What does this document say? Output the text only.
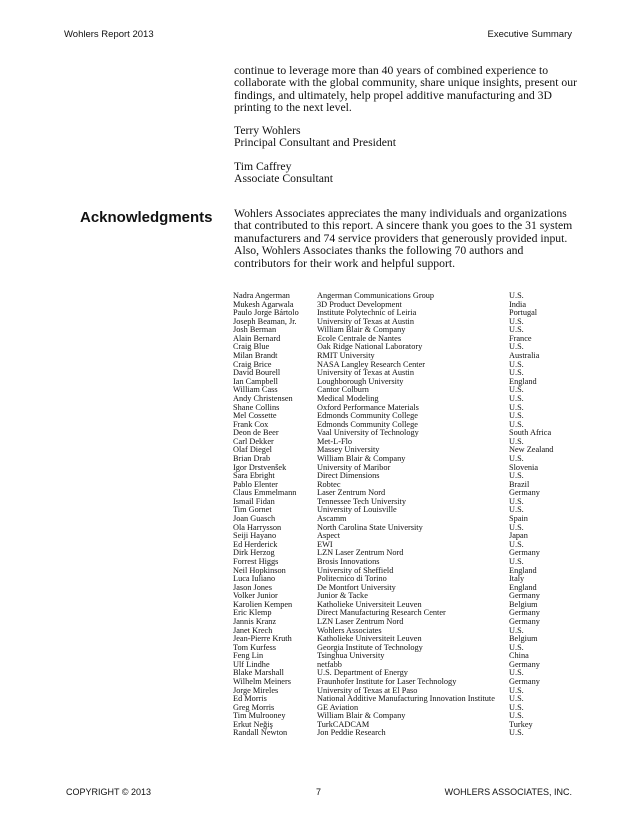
Wohlers Report 2013	Executive Summary

continue to leverage more than 40 years of combined experience to collaborate with the global community, share unique insights, present our findings, and ultimately, help propel additive manufacturing and 3D printing to the next level.

Terry Wohlers

Principal Consultant and President

Tim Caffrey

Associate Consultant

Acknowledgments Wohlers Associates appreciates the many individuals and organizations that contributed to this report. A sincere thank you goes to the 31 system manufacturers and 74 service providers that generously provided input. Also, Wohlers Associates thanks the following 70 authors and contributors for their work and helpful support.

Nadra Angerman	Angerman Communications Group	U.S.
Mukesh Agarwala	3D Product Development	India
Paulo Jorge Bártolo	Institute Polytechnic of Leiria	Portugal
Joseph Beaman, Jr.	University of Texas at Austin	U.S.
Josh Berman	William Blair & Company	U.S.
Alain Bernard	Ecole Centrale de Nantes	France
Craig Blue	Oak Ridge National Laboratory	U.S.
Milan Brandt	RMIT University	Australia
Craig Brice	NASA Langley Research Center	U.S.
David Bourell	University of Texas at Austin	U.S.
Ian Campbell	Loughborough University	England
William Cass	Cantor Colburn	U.S.
Andy Christensen	Medical Modeling	U.S.
Shane Collins	Oxford Performance Materials	U.S.
Mel Cossette	Edmonds Community College	U.S.
Frank Cox	Edmonds Community College	U.S.
Deon de Beer	Vaal University of Technology	South Africa
Carl Dekker	Met-L-Flo	U.S.
Olaf Diegel	Massey University	New Zealand
Brian Drab	William Blair & Company	U.S.
Igor Drstvenšek	University of Maribor	Slovenia
Sara Ebright	Direct Dimensions	U.S.
Pablo Elenter	Robtec	Brazil
Claus Emmelmann	Laser Zentrum Nord	Germany
Ismail Fidan	Tennessee Tech University	U.S.
Tim Gornet	University of Louisville	U.S.
Joan Guasch	Ascamm	Spain
Ola Harrysson	North Carolina State University	U.S.
Seiji Hayano	Aspect	Japan
Ed Herderick	EWI	U.S.
Dirk Herzog	LZN Laser Zentrum Nord	Germany
Forrest Higgs	Brosis Innovations	U.S.
Neil Hopkinson	University of Sheffield	England
Luca Iuliano	Politecnico di Torino	Italy
Jason Jones	De Montfort University	England
Volker Junior	Junior & Tacke	Germany
Karolien Kempen	Katholieke Universiteit Leuven	Belgium
Eric Klemp	Direct Manufacturing Research Center	Germany
Jannis Kranz	LZN Laser Zentrum Nord	Germany
Janet Krech	Wohlers Associates	U.S.
Jean-Pierre Kruth	Katholieke Universiteit Leuven	Belgium
Tom Kurfess	Georgia Institute of Technology	U.S.
Feng Lin	Tsinghua University	China
Ulf Lindhe	netfabb	Germany
Blake Marshall	U.S. Department of Energy	U.S.
Wilhelm Meiners	Fraunhofer Institute for Laser Technology	Germany
Jorge Mireles	University of Texas at El Paso	U.S.
Ed Morris	National Additive Manufacturing Innovation Institute	U.S.
Greg Morris	GE Aviation	U.S.
Tim Mulrooney	William Blair & Company	U.S.
Erkut Neğiş	TurkCADCAM	Turkey
Randall Newton	Jon Peddie Research	U.S.
COPYRIGHT © 2013	7	WOHLERS ASSOCIATES, INC.
